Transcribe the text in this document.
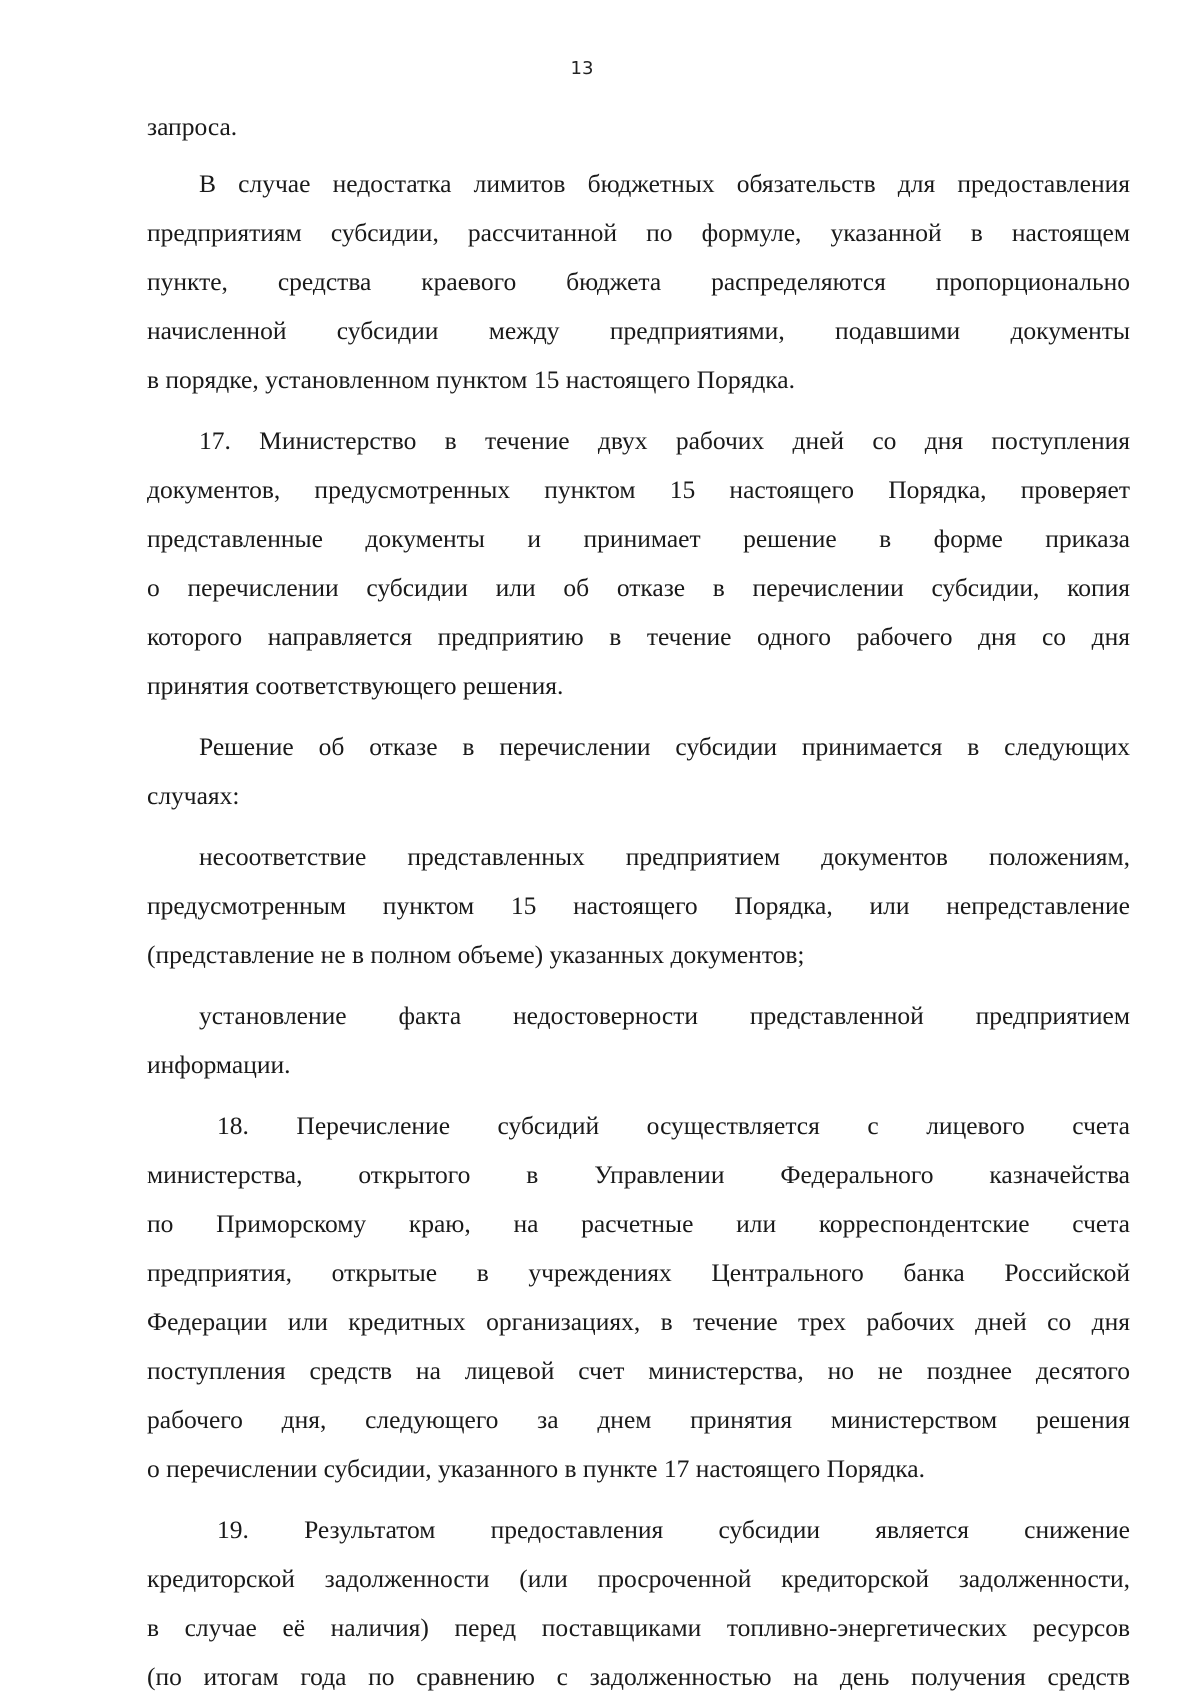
13
запроса.
В случае недостатка лимитов бюджетных обязательств для предоставления
предприятиям субсидии, рассчитанной по формуле, указанной в настоящем
пункте, средства краевого бюджета распределяются пропорционально
начисленной субсидии между предприятиями, подавшими документы
в порядке, установленном пунктом 15 настоящего Порядка.
17. Министерство в течение двух рабочих дней со дня поступления
документов, предусмотренных пунктом 15 настоящего Порядка, проверяет
представленные документы и принимает решение в форме приказа
о перечислении субсидии или об отказе в перечислении субсидии, копия
которого направляется предприятию в течение одного рабочего дня со дня
принятия соответствующего решения.
Решение об отказе в перечислении субсидии принимается в следующих
случаях:
несоответствие представленных предприятием документов положениям,
предусмотренным пунктом 15 настоящего Порядка, или непредставление
(представление не в полном объеме) указанных документов;
установление факта недостоверности представленной предприятием
информации.
18. Перечисление субсидий осуществляется с лицевого счета
министерства, открытого в Управлении Федерального казначейства
по Приморскому краю, на расчетные или корреспондентские счета
предприятия, открытые в учреждениях Центрального банка Российской
Федерации или кредитных организациях, в течение трех рабочих дней со дня
поступления средств на лицевой счет министерства, но не позднее десятого
рабочего дня, следующего за днем принятия министерством решения
о перечислении субсидии, указанного в пункте 17 настоящего Порядка.
19. Результатом предоставления субсидии является снижение
кредиторской задолженности (или просроченной кредиторской задолженности,
в случае её наличия) перед поставщиками топливно-энергетических ресурсов
(по итогам года по сравнению с задолженностью на день получения средств
